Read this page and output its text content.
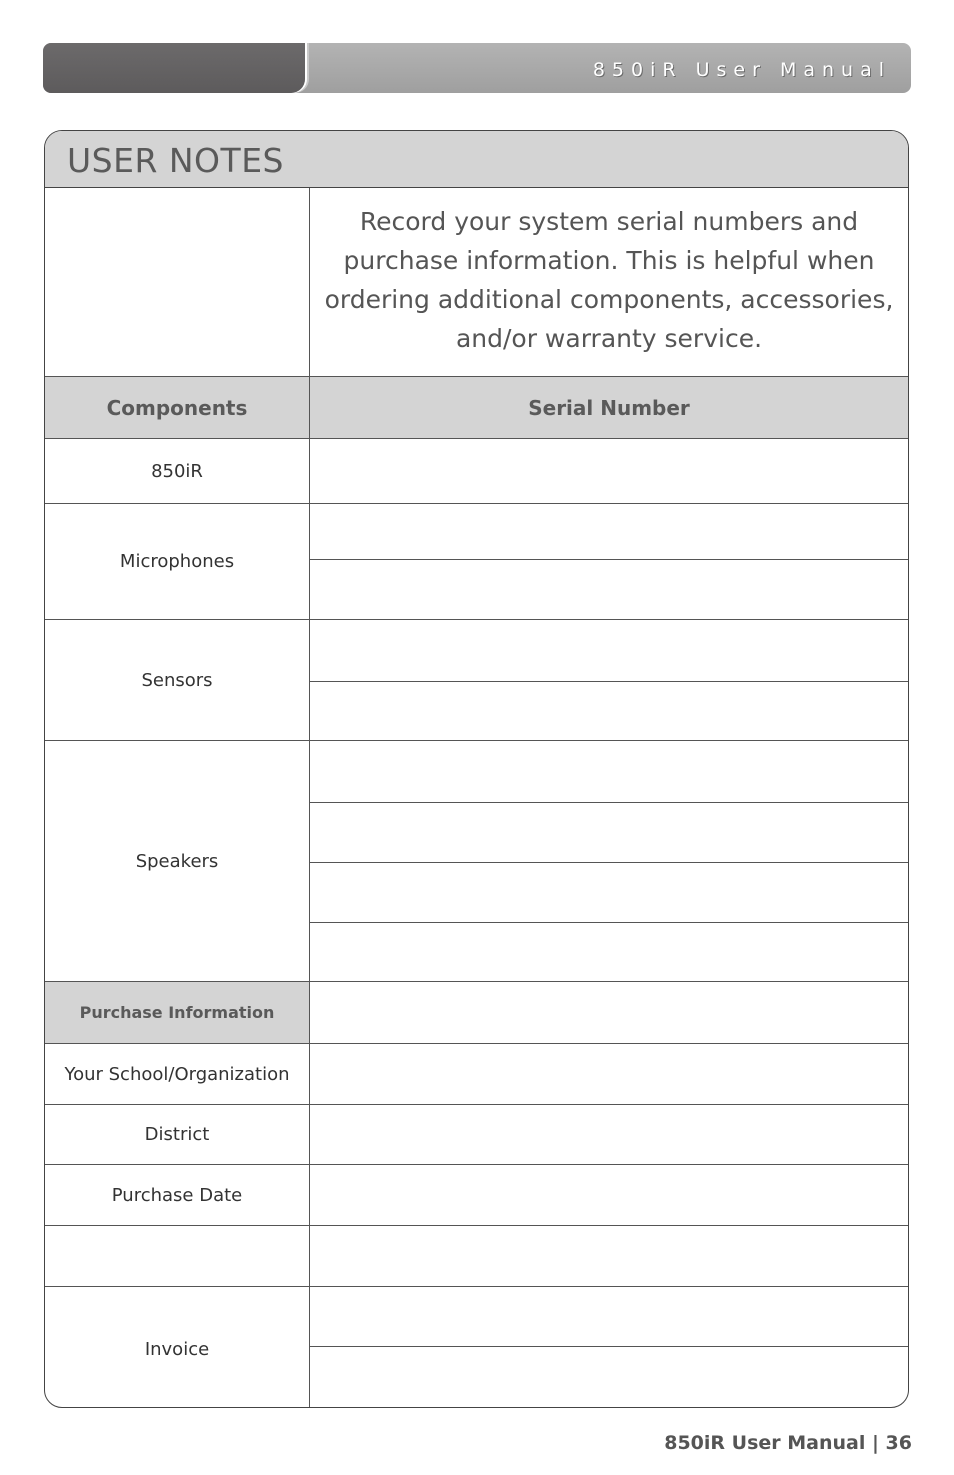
850iR User Manual
USER NOTES
Record your system serial numbers and purchase information. This is helpful when ordering additional components, accessories, and/or warranty service.
Components	Serial Number
850iR
Microphones
Sensors
Speakers
Purchase Information
Your School/Organization
District
Purchase Date
Invoice
850iR User Manual | 36
